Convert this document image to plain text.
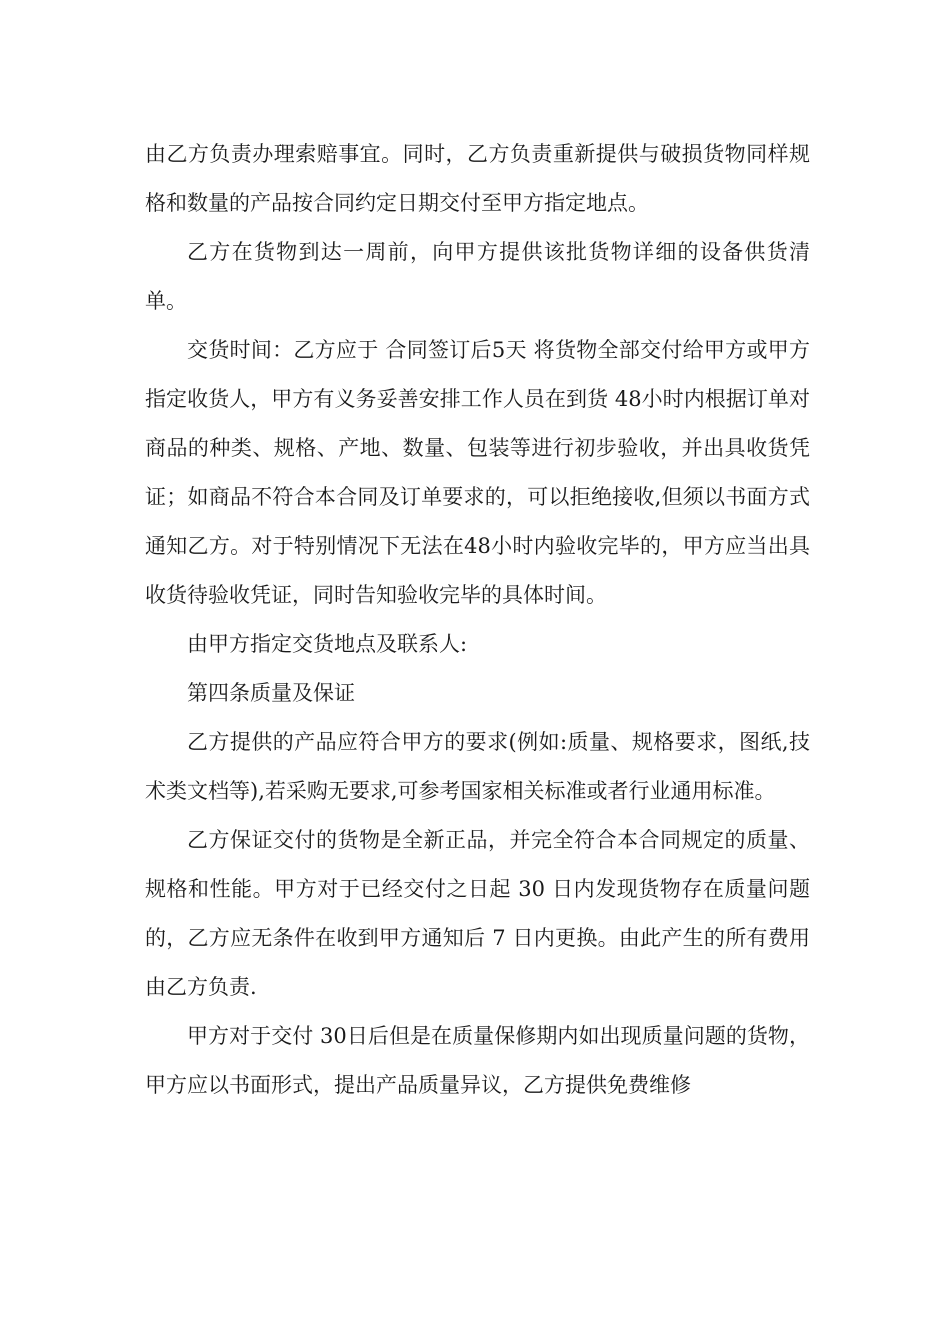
由乙方负责办理索赔事宜。同时，乙方负责重新提供与破损货物同样规格和数量的产品按合同约定日期交付至甲方指定地点。

乙方在货物到达一周前，向甲方提供该批货物详细的设备供货清单。

交货时间：乙方应于 合同签订后5天 将货物全部交付给甲方或甲方指定收货人，甲方有义务妥善安排工作人员在到货 48小时内根据订单对商品的种类、规格、产地、数量、包装等进行初步验收，并出具收货凭证；如商品不符合本合同及订单要求的，可以拒绝接收,但须以书面方式通知乙方。对于特别情况下无法在48小时内验收完毕的，甲方应当出具收货待验收凭证，同时告知验收完毕的具体时间。

由甲方指定交货地点及联系人:

第四条质量及保证

乙方提供的产品应符合甲方的要求(例如:质量、规格要求，图纸,技术类文档等),若采购无要求,可参考国家相关标准或者行业通用标准。

乙方保证交付的货物是全新正品，并完全符合本合同规定的质量、规格和性能。甲方对于已经交付之日起 30 日内发现货物存在质量问题的，乙方应无条件在收到甲方通知后 7 日内更换。由此产生的所有费用由乙方负责.

甲方对于交付 30日后但是在质量保修期内如出现质量问题的货物，甲方应以书面形式，提出产品质量异议，乙方提供免费维修
